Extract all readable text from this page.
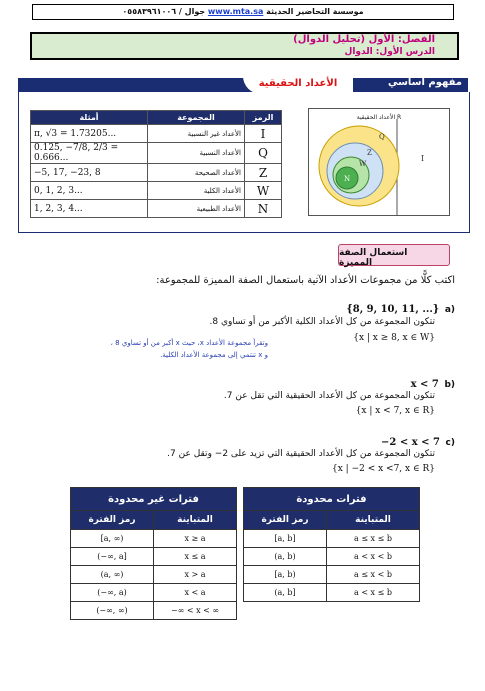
موسسة التحاضير الحديثة www.mta.sa جوال / ٠٥٥٨٣٩٦١٠٠٦
الفصل: الأول (تحليل الدوال)
الدرس الأول: الدوال
مفهوم أساسي
الأعداد الحقيقية
أمثلة	المجموعة	الرمز
π, √3 = 1.73205...	الأعداد غير النسبية	I
0.125, −7/8, 2/3 = 0.666...	الأعداد النسبية	Q
−5, 17, −23, 8	الأعداد الصحيحة	Z
0, 1, 2, 3...	الأعداد الكلية	W
1, 2, 3, 4...	الأعداد الطبيعية	N
الأعداد الحقيقية R
Q
Z
W
N
I
استعمال الصفة المميزة
اكتب كلًّا من مجموعات الأعداد الآتية باستعمال الصفة المميزة للمجموعة:
{8, 9, 10, 11, ...} a)
تتكون المجموعة من كل الأعداد الكلية الأكبر من أو تساوي 8.
{x | x ≥ 8, x ∈ W}
وتقرأ مجموعة الأعداد x، حيث x أكبر من أو تساوي 8 ،
و x تنتمي إلى مجموعة الأعداد الكلية.
x < 7 b)
تتكون المجموعة من كل الأعداد الحقيقية التي تقل عن 7.
{x | x < 7, x ∈ R}
−2 < x < 7 c)
تتكون المجموعة من كل الأعداد الحقيقية التي تزيد على 2− وتقل عن 7.
{x | −2 < x <7, x ∈ R}
فترات غير محدودة			فترات محدودة	
رمز الفترة	المتباينة		رمز الفترة	المتباينة
[a, ∞)	x ≥ a		[a, b]	a ≤ x ≤ b
(−∞, a]	x ≤ a		(a, b)	a < x < b
(a, ∞)	x > a		[a, b)	a ≤ x < b
(−∞, a)	x < a		(a, b]	a < x ≤ b
(−∞, ∞)	−∞ < x < ∞			
